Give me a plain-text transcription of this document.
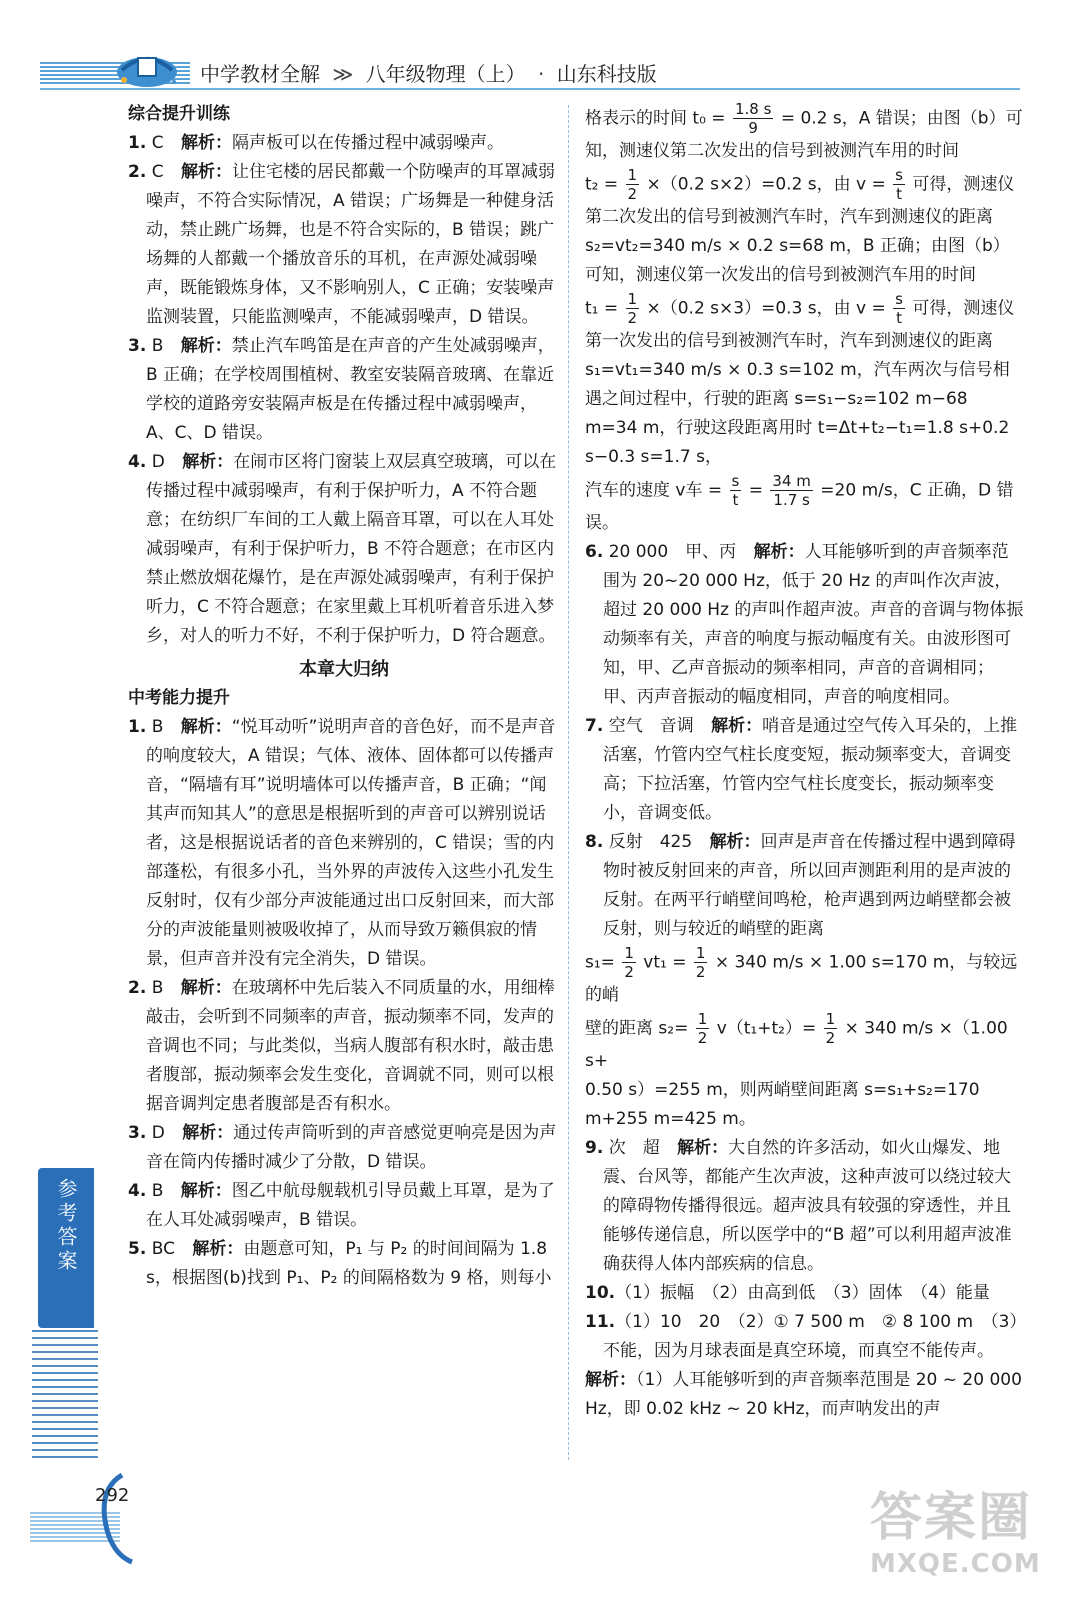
中学教材全解 ≫ 八年级物理（上） · 山东科技版

综合提升训练

1. C 解析：隔声板可以在传播过程中减弱噪声。

2. C 解析：让住宅楼的居民都戴一个防噪声的耳罩减弱噪声，不符合实际情况，A 错误；广场舞是一种健身活动，禁止跳广场舞，也是不符合实际的，B 错误；跳广场舞的人都戴一个播放音乐的耳机，在声源处减弱噪声，既能锻炼身体，又不影响别人，C 正确；安装噪声监测装置，只能监测噪声，不能减弱噪声，D 错误。

3. B 解析：禁止汽车鸣笛是在声音的产生处减弱噪声，B 正确；在学校周围植树、教室安装隔音玻璃、在靠近学校的道路旁安装隔声板是在传播过程中减弱噪声，A、C、D 错误。

4. D 解析：在闹市区将门窗装上双层真空玻璃，可以在传播过程中减弱噪声，有利于保护听力，A 不符合题意；在纺织厂车间的工人戴上隔音耳罩，可以在人耳处减弱噪声，有利于保护听力，B 不符合题意；在市区内禁止燃放烟花爆竹，是在声源处减弱噪声，有利于保护听力，C 不符合题意；在家里戴上耳机听着音乐进入梦乡，对人的听力不好，不利于保护听力，D 符合题意。

本章大归纳

中考能力提升

1. B 解析：“悦耳动听”说明声音的音色好，而不是声音的响度较大，A 错误；气体、液体、固体都可以传播声音，“隔墙有耳”说明墙体可以传播声音，B 正确；“闻其声而知其人”的意思是根据听到的声音可以辨别说话者，这是根据说话者的音色来辨别的，C 错误；雪的内部蓬松，有很多小孔，当外界的声波传入这些小孔发生反射时，仅有少部分声波能通过出口反射回来，而大部分的声波能量则被吸收掉了，从而导致万籁俱寂的情景，但声音并没有完全消失，D 错误。

2. B 解析：在玻璃杯中先后装入不同质量的水，用细棒敲击，会听到不同频率的声音，振动频率不同，发声的音调也不同；与此类似，当病人腹部有积水时，敲击患者腹部，振动频率会发生变化，音调就不同，则可以根据音调判定患者腹部是否有积水。

3. D 解析：通过传声筒听到的声音感觉更响亮是因为声音在筒内传播时减少了分散，D 错误。

4. B 解析：图乙中航母舰载机引导员戴上耳罩，是为了在人耳处减弱噪声，B 错误。

5. BC 解析：由题意可知，P₁ 与 P₂ 的时间间隔为 1.8 s，根据图(b)找到 P₁、P₂ 的间隔格数为 9 格，则每小

格表示的时间 $t_0 = \frac{1.8 s}{9} = 0.2$ s，A 错误；由图（b）可知，测速仪第二次发出的信号到被测汽车用的时间

$t_2 = \frac{1}{2} \times(0.2$ s×2）=0.2 s，由 $v = \frac{s}{t}$ 可得，测速仪第二次发出的信号到被测汽车时，汽车到测速仪的距离 s₂=vt₂=340 m/s × 0.2 s=68 m，B 正确；由图（b）可知，测速仪第一次发出的信号到被测汽车用的时间

$t_1 = \frac{1}{2} \times(0.2$ s×3）=0.3 s，由 $v = \frac{s}{t}$ 可得，测速仪第一次发出的信号到被测汽车时，汽车到测速仪的距离 s₁=vt₁=340 m/s × 0.3 s=102 m，汽车两次与信号相遇之间过程中，行驶的距离 s=s₁−s₂=102 m−68 m=34 m，行驶这段距离用时 t=Δt+t₂−t₁=1.8 s+0.2 s−0.3 s=1.7 s，

汽车的速度 v车 = $\frac{s}{t} = \frac{34 m}{1.7 s} =20$ m/s，C 正确，D 错误。

6. 20 000　甲、丙 解析：人耳能够听到的声音频率范围为 20~20 000 Hz，低于 20 Hz 的声叫作次声波，超过 20 000 Hz 的声叫作超声波。声音的音调与物体振动频率有关，声音的响度与振动幅度有关。由波形图可知，甲、乙声音振动的频率相同，声音的音调相同；甲、丙声音振动的幅度相同，声音的响度相同。

7. 空气　音调 解析：哨音是通过空气传入耳朵的，上推活塞，竹管内空气柱长度变短，振动频率变大，音调变高；下拉活塞，竹管内空气柱长度变长，振动频率变小，音调变低。

8. 反射　425 解析：回声是声音在传播过程中遇到障碍物时被反射回来的声音，所以回声测距利用的是声波的反射。在两平行峭壁间鸣枪，枪声遇到两边峭壁都会被反射，则与较近的峭壁的距离

$s_1= \frac{1}{2} vt_1 = \frac{1}{2} \times 340$ m/s × 1.00 s=170 m，与较远的峭

壁的距离 $s_2= \frac{1}{2} v(t_1+t_2)= \frac{1}{2} \times 340$ m/s ×（1.00 s+

0.50 s）=255 m，则两峭壁间距离 s=s₁+s₂=170 m+255 m=425 m。

9. 次　超 解析：大自然的许多活动，如火山爆发、地震、台风等，都能产生次声波，这种声波可以绕过较大的障碍物传播得很远。超声波具有较强的穿透性，并且能够传递信息，所以医学中的“B 超”可以利用超声波准确获得人体内部疾病的信息。

10.（1）振幅　（2）由高到低　（3）固体　（4）能量

11.（1）10　20　（2）① 7 500 m　② 8 100 m　（3）不能，因为月球表面是真空环境，而真空不能传声。

解析：（1）人耳能够听到的声音频率范围是 20 ~ 20 000 Hz，即 0.02 kHz ~ 20 kHz，而声呐发出的声

参考答案
292	答案圈
MXQE.COM
